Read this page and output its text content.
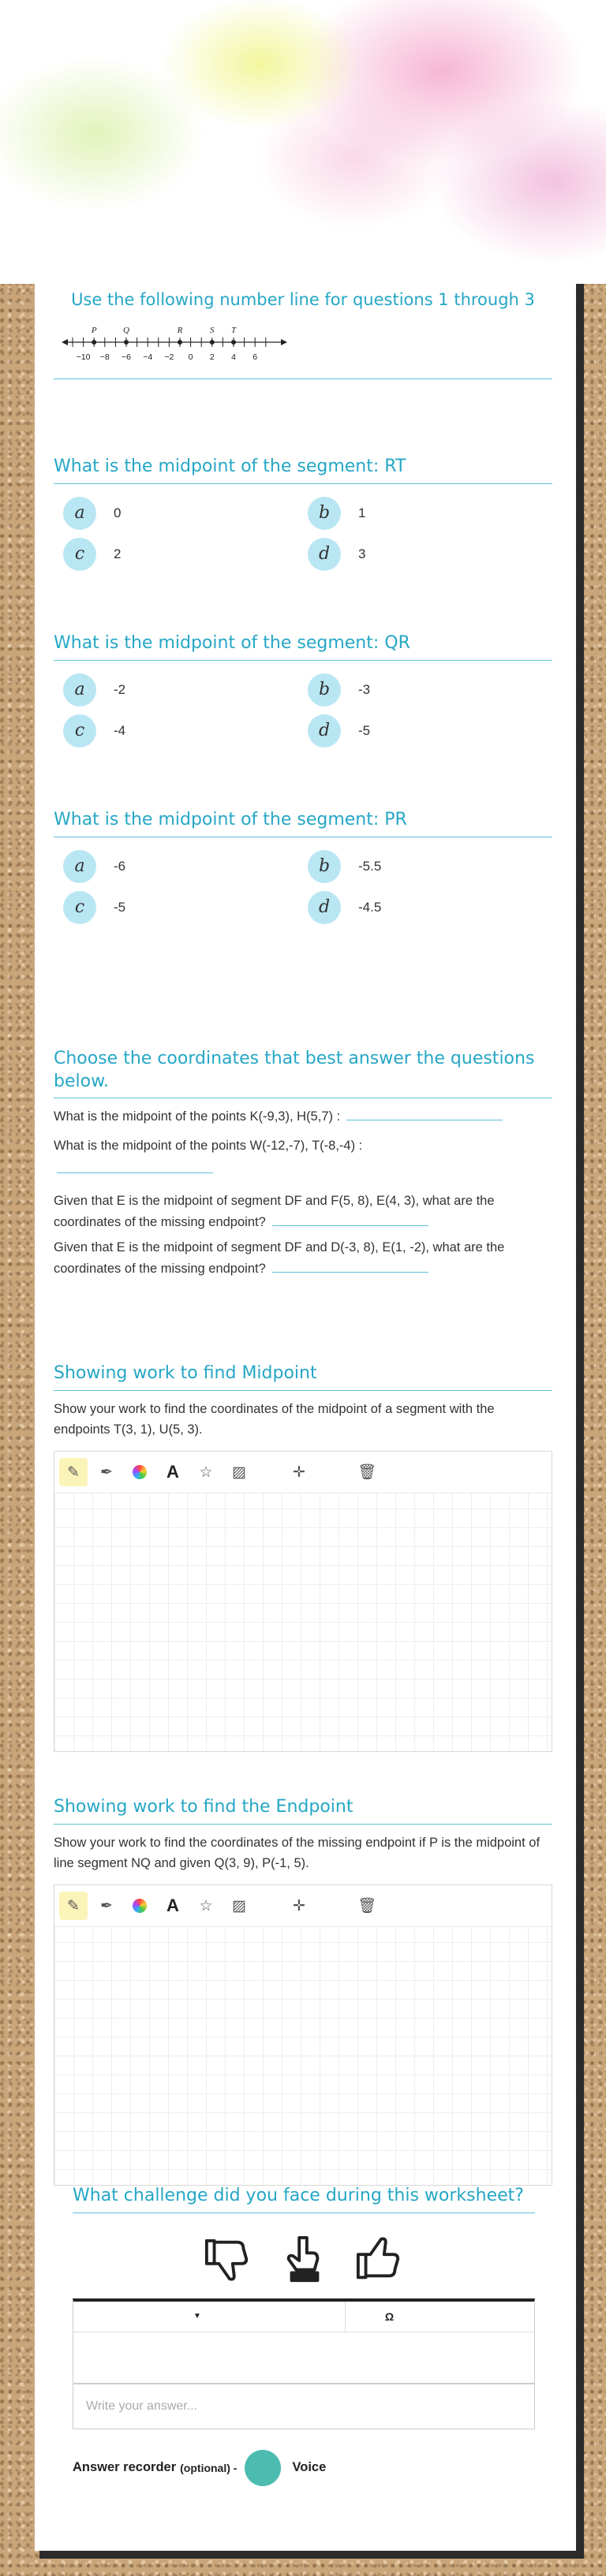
Use the following number line for questions 1 through 3
−10 −8 −6 −4 −2 0 2 4 6
P	Q	R	S T
What is the midpoint of the segment: RT
a	0	b	1
c	2	d	3
What is the midpoint of the segment: QR
a	-2	b	-3
c	-4	d	-5
What is the midpoint of the segment: PR
a	-6	b	-5.5
c	-5	d	-4.5
Choose the coordinates that best answer the questions below.
What is the midpoint of the points K(-9,3), H(5,7) :
What is the midpoint of the points W(-12,-7), T(-8,-4) :
Given that E is the midpoint of segment DF and F(5, 8), E(4, 3), what are the coordinates of the missing endpoint?
Given that E is the midpoint of segment DF and D(-3, 8), E(1, -2), what are the coordinates of the missing endpoint?
Showing work to find Midpoint
Show your work to find the coordinates of the midpoint of a segment with the endpoints T(3, 1), U(5, 3).
✎	✒	A	☆	▨	✛	🗑
Showing work to find the Endpoint
Show your work to find the coordinates of the missing endpoint if P is the midpoint of line segment NQ and given Q(3, 9), P(-1, 5).
✎	✒	A	☆	▨	✛	🗑
What challenge did you face during this worksheet?
▼	Ω
Write your answer...
Answer recorder (optional) -	Voice
